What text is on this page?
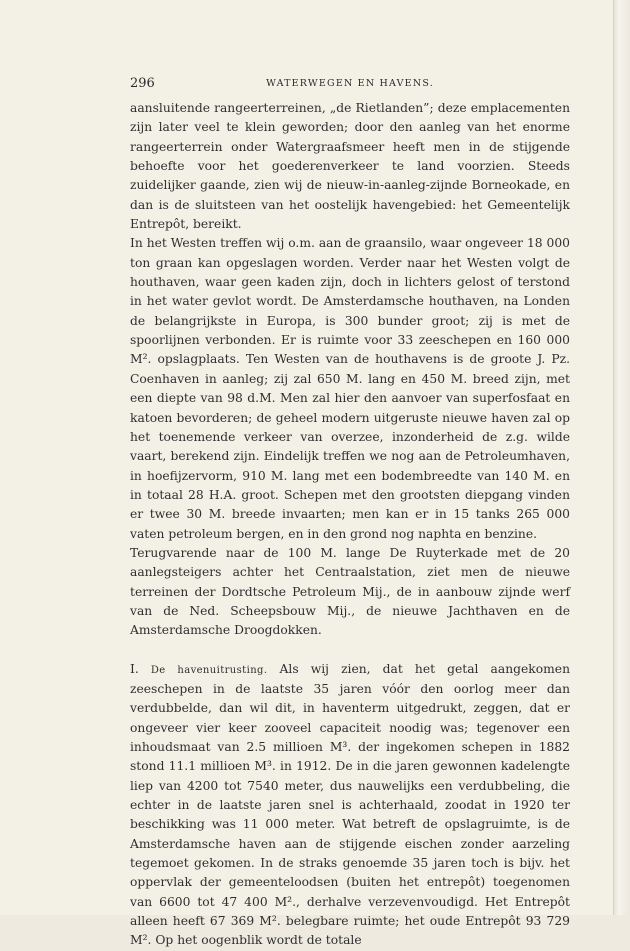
296	WATERWEGEN EN HAVENS.

aansluitende rangeerterreinen, „de Rietlanden”; deze emplacementen zijn later veel te klein geworden; door den aanleg van het enorme rangeerterrein onder Watergraafsmeer heeft men in de stijgende behoefte voor het goederenverkeer te land voorzien. Steeds zuidelijker gaande, zien wij de nieuw-in-aanleg-zijnde Borneokade, en dan is de sluitsteen van het oostelijk havengebied: het Gemeentelijk Entrepôt, bereikt.

In het Westen treffen wij o.m. aan de graansilo, waar ongeveer 18 000 ton graan kan opgeslagen worden. Verder naar het Westen volgt de houthaven, waar geen kaden zijn, doch in lichters gelost of terstond in het water gevlot wordt. De Amsterdamsche houthaven, na Londen de belangrijkste in Europa, is 300 bunder groot; zij is met de spoorlijnen verbonden. Er is ruimte voor 33 zeeschepen en 160 000 M². opslagplaats. Ten Westen van de houthavens is de groote J. Pz. Coenhaven in aanleg; zij zal 650 M. lang en 450 M. breed zijn, met een diepte van 98 d.M. Men zal hier den aanvoer van superfosfaat en katoen bevorderen; de geheel modern uitgeruste nieuwe haven zal op het toenemende verkeer van overzee, inzonderheid de z.g. wilde vaart, berekend zijn. Eindelijk treffen we nog aan de Petroleumhaven, in hoefijzervorm, 910 M. lang met een bodembreedte van 140 M. en in totaal 28 H.A. groot. Schepen met den grootsten diepgang vinden er twee 30 M. breede invaarten; men kan er in 15 tanks 265 000 vaten petroleum bergen, en in den grond nog naphta en benzine.

Terugvarende naar de 100 M. lange De Ruyterkade met de 20 aanlegsteigers achter het Centraalstation, ziet men de nieuwe terreinen der Dordtsche Petroleum Mij., de in aanbouw zijnde werf van de Ned. Scheepsbouw Mij., de nieuwe Jachthaven en de Amsterdamsche Droogdokken.

I. De havenuitrusting. Als wij zien, dat het getal aangekomen zeeschepen in de laatste 35 jaren vóór den oorlog meer dan verdubbelde, dan wil dit, in haventerm uitgedrukt, zeggen, dat er ongeveer vier keer zooveel capaciteit noodig was; tegenover een inhoudsmaat van 2.5 millioen M³. der ingekomen schepen in 1882 stond 11.1 millioen M³. in 1912. De in die jaren gewonnen kadelengte liep van 4200 tot 7540 meter, dus nauwelijks een verdubbeling, die echter in de laatste jaren snel is achterhaald, zoodat in 1920 ter beschikking was 11 000 meter. Wat betreft de opslagruimte, is de Amsterdamsche haven aan de stijgende eischen zonder aarzeling tegemoet gekomen. In de straks genoemde 35 jaren toch is bijv. het oppervlak der gemeenteloodsen (buiten het entrepôt) toegenomen van 6600 tot 47 400 M²., derhalve verzevenvoudigd. Het Entrepôt alleen heeft 67 369 M². belegbare ruimte; het oude Entrepôt 93 729 M². Op het oogenblik wordt de totale
